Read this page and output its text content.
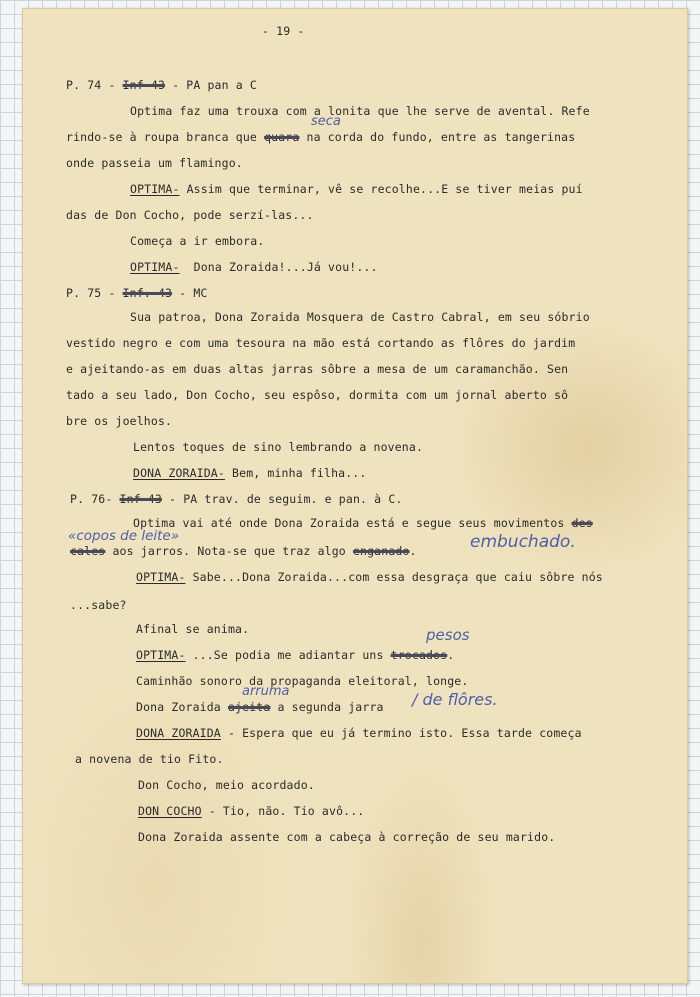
- 19 -
P. 74 - Inf 43 - PA pan a C
Optima faz uma trouxa com a lonita que lhe serve de avental. Refe
seca
rindo-se à roupa branca que quara na corda do fundo, entre as tangerinas
onde passeia um flamingo.
OPTIMA- Assim que terminar, vê se recolhe...E se tiver meias puí
das de Don Cocho, pode serzí-las...
Começa a ir embora.
OPTIMA-  Dona Zoraida!...Já vou!...
P. 75 - Inf. 43 - MC
Sua patroa, Dona Zoraida Mosquera de Castro Cabral, em seu sóbrio
vestido negro e com uma tesoura na mão está cortando as flôres do jardim
e ajeitando-as em duas altas jarras sôbre a mesa de um caramanchão. Sen
tado a seu lado, Don Cocho, seu espôso, dormita com um jornal aberto sô
bre os joelhos.
Lentos toques de sino lembrando a novena.
DONA ZORAIDA- Bem, minha filha...
P. 76- Inf 43 - PA trav. de seguim. e pan. à C.
Optima vai até onde Dona Zoraida está e segue seus movimentos des
«copos de leite»
cales aos jarros. Nota-se que traz algo enganado.	embuchado.
OPTIMA- Sabe...Dona Zoraida...com essa desgraça que caiu sôbre nós
...sabe?
Afinal se anima.	pesos
OPTIMA- ...Se podia me adiantar uns trocados.
Caminhão sonoro da propaganda eleitoral, longe.
arruma
Dona Zoraida ajeita a segunda jarra / de flôres.
DONA ZORAIDA - Espera que eu já termino isto. Essa tarde começa
a novena de tio Fito.
Don Cocho, meio acordado.
DON COCHO - Tio, não. Tio avô...
Dona Zoraida assente com a cabeça à correção de seu marido.
